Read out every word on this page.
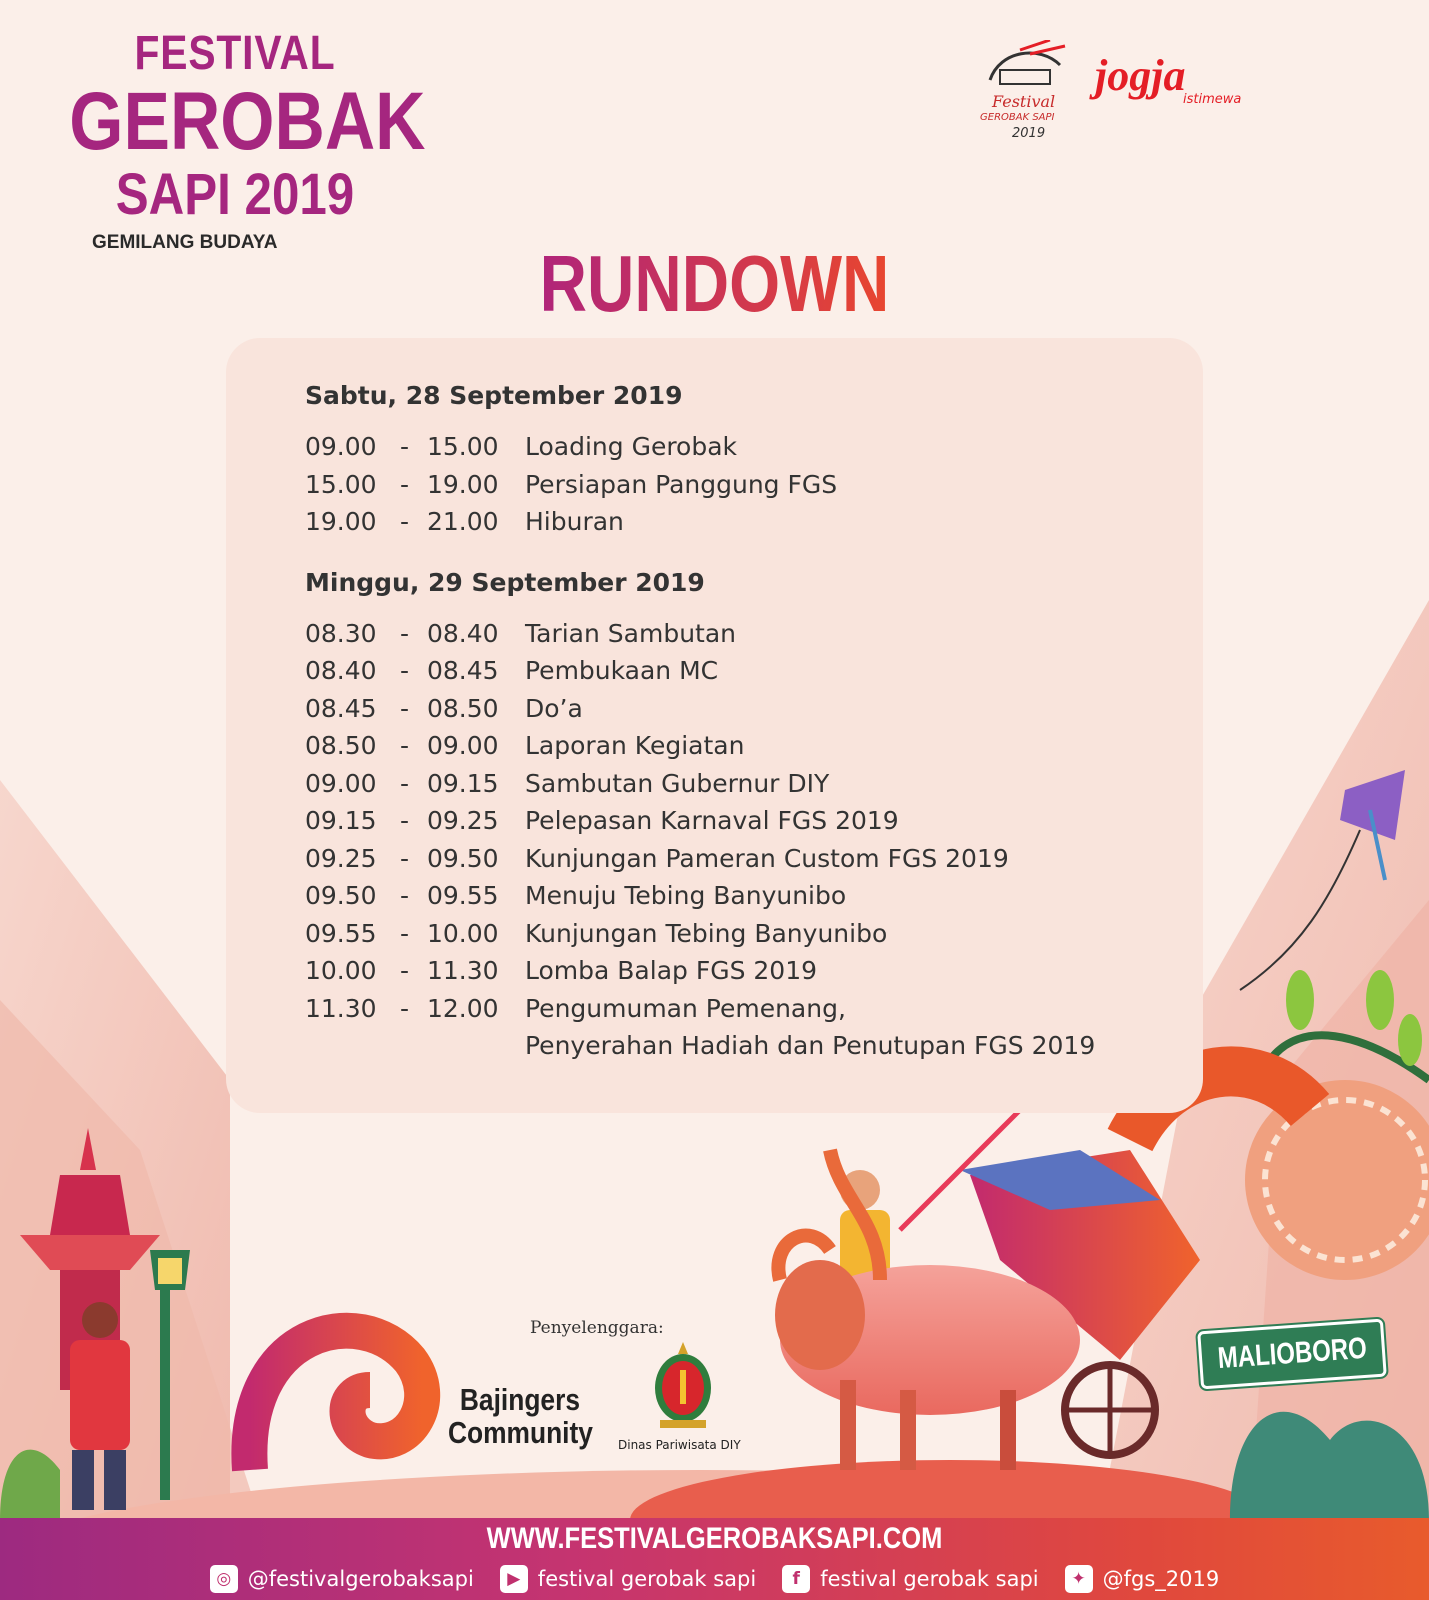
FESTIVAL
GEROBAK
SAPI 2019
GEMILANG BUDAYA
Festival
GEROBAK SAPI
2019
jogja
istimewa
RUNDOWN
Sabtu, 28 September 2019
09.00 - 15.00	Loading Gerobak
15.00 - 19.00	Persiapan Panggung FGS
19.00 - 21.00	Hiburan
Minggu, 29 September 2019
08.30 - 08.40	Tarian Sambutan
08.40 - 08.45	Pembukaan MC
08.45 - 08.50	Do’a
08.50 - 09.00	Laporan Kegiatan
09.00 - 09.15	Sambutan Gubernur DIY
09.15 - 09.25	Pelepasan Karnaval FGS 2019
09.25 - 09.50	Kunjungan Pameran Custom FGS 2019
09.50 - 09.55	Menuju Tebing Banyunibo
09.55 - 10.00	Kunjungan Tebing Banyunibo
10.00 - 11.30	Lomba Balap FGS 2019
11.30 - 12.00	Pengumuman Pemenang,
Penyerahan Hadiah dan Penutupan FGS 2019
Penyelenggara:
Bajingers
Community Dinas Pariwisata DIY
MALIOBORO
WWW.FESTIVALGEROBAKSAPI.COM
◎ @festivalgerobaksapi	▶ festival gerobak sapi	f festival gerobak sapi	✦ @fgs_2019
